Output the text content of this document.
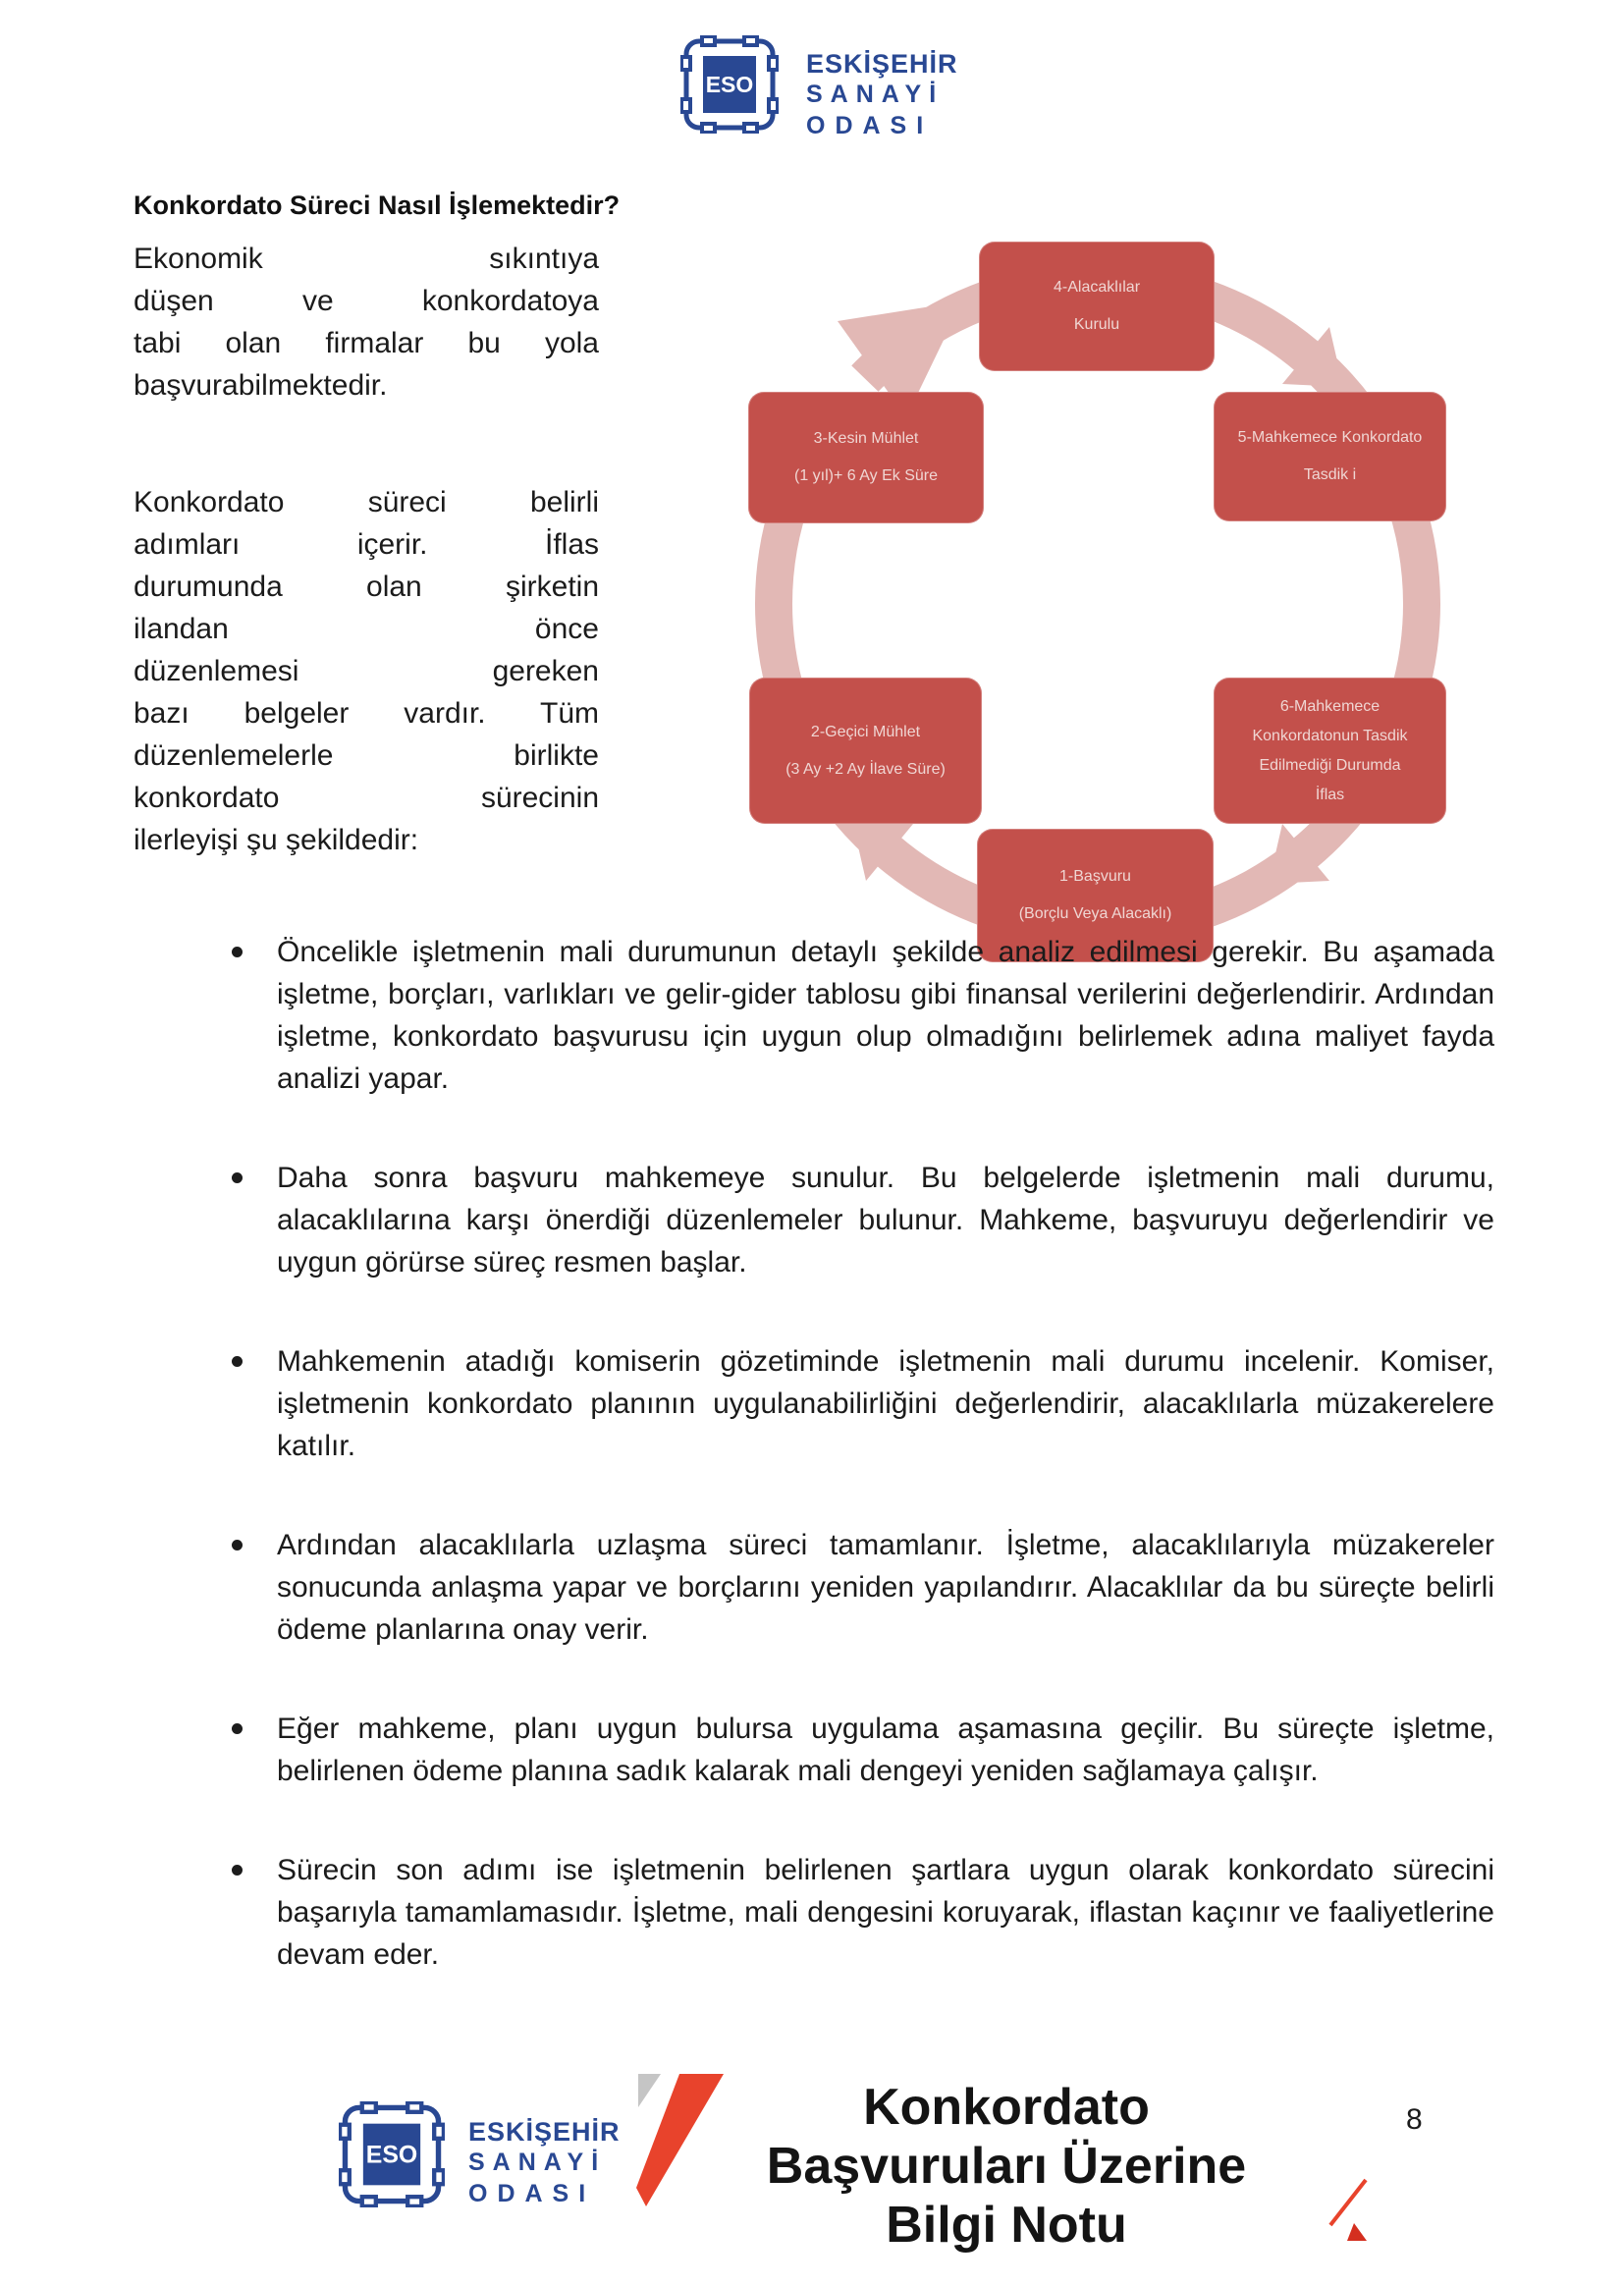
ESO
ESKİŞEHİR
SANAYİ
ODASI
Konkordato Süreci Nasıl İşlemektedir?
Ekonomik sıkıntıya
düşen ve konkordatoya
tabi olan firmalar bu yola
başvurabilmektedir.
Konkordato süreci belirli
adımları içerir. İflas
durumunda olan şirketin
ilandan önce
düzenlemesi gereken
bazı belgeler vardır. Tüm
düzenlemelerle birlikte
konkordato sürecinin
ilerleyişi şu şekildedir:
4-Alacaklılar
Kurulu
3-Kesin Mühlet
(1 yıl)+ 6 Ay Ek Süre
5-Mahkemece Konkordato
Tasdik i
2-Geçici Mühlet
(3 Ay +2 Ay İlave Süre)
6-Mahkemece
Konkordatonun Tasdik
Edilmediği Durumda
İflas
1-Başvuru
(Borçlu Veya Alacaklı)
Öncelikle işletmenin mali durumunun detaylı şekilde analiz edilmesi gerekir. Bu aşamada işletme, borçları, varlıkları ve gelir-gider tablosu gibi finansal verilerini değerlendirir. Ardından işletme, konkordato başvurusu için uygun olup olmadığını belirlemek adına maliyet fayda analizi yapar.
Daha sonra başvuru mahkemeye sunulur. Bu belgelerde işletmenin mali durumu, alacaklılarına karşı önerdiği düzenlemeler bulunur. Mahkeme, başvuruyu değerlendirir ve uygun görürse süreç resmen başlar.
Mahkemenin atadığı komiserin gözetiminde işletmenin mali durumu incelenir. Komiser, işletmenin konkordato planının uygulanabilirliğini değerlendirir, alacaklılarla müzakerelere katılır.
Ardından alacaklılarla uzlaşma süreci tamamlanır. İşletme, alacaklılarıyla müzakereler sonucunda anlaşma yapar ve borçlarını yeniden yapılandırır. Alacaklılar da bu süreçte belirli ödeme planlarına onay verir.
Eğer mahkeme, planı uygun bulursa uygulama aşamasına geçilir. Bu süreçte işletme, belirlenen ödeme planına sadık kalarak mali dengeyi yeniden sağlamaya çalışır.
Sürecin son adımı ise işletmenin belirlenen şartlara uygun olarak konkordato sürecini başarıyla tamamlamasıdır. İşletme, mali dengesini koruyarak, iflastan kaçınır ve faaliyetlerine devam eder.
ESO
ESKİŞEHİR
SANAYİ
ODASI
Konkordato
Başvuruları Üzerine
Bilgi Notu
8
